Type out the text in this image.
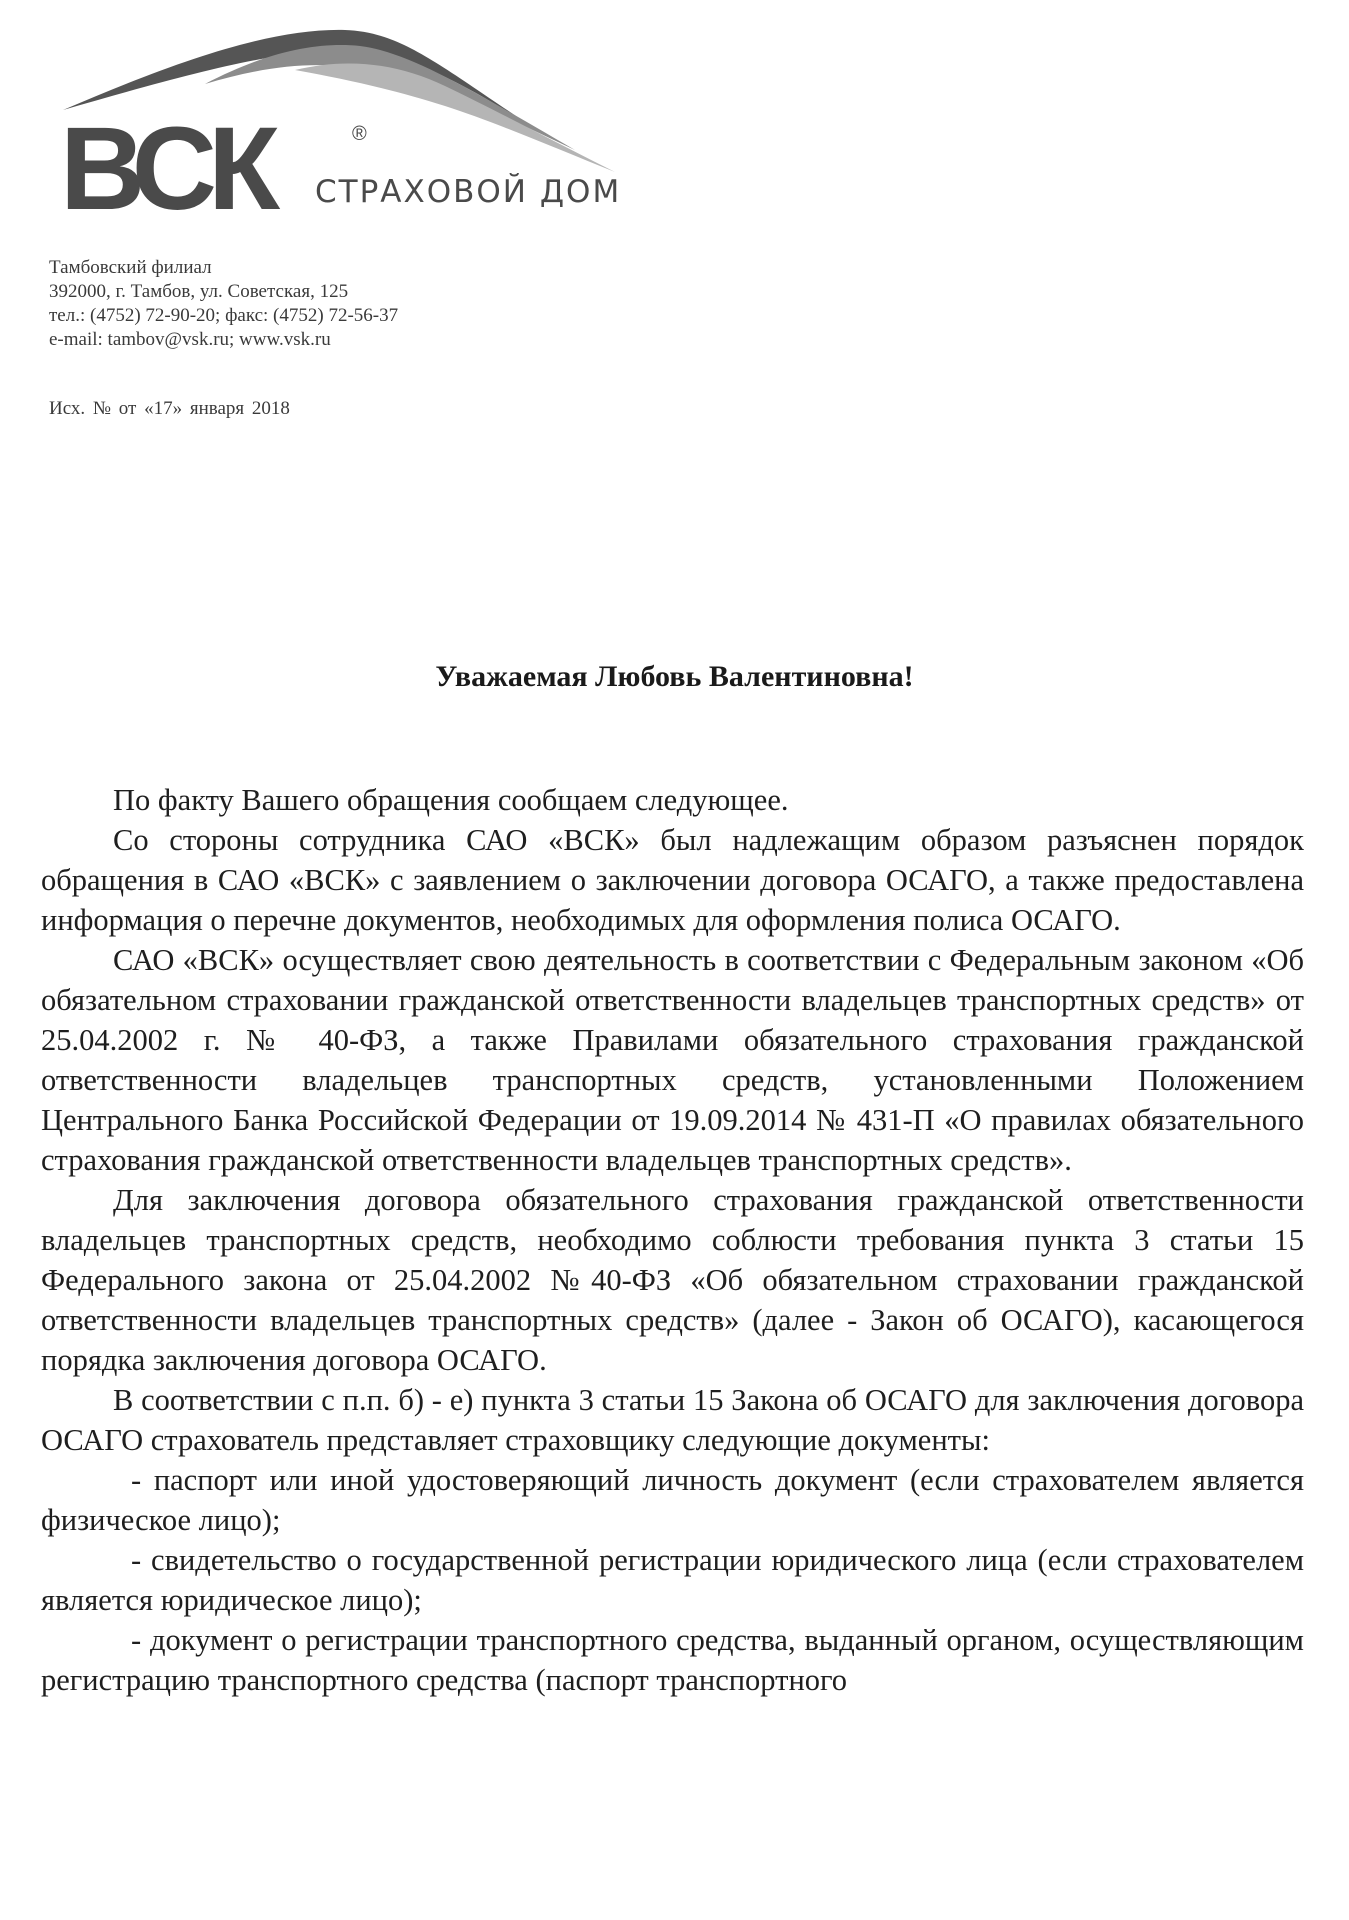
ВСК	®
СТРАХОВОЙ ДОМ
Тамбовский филиал
392000, г. Тамбов, ул. Советская, 125
тел.: (4752) 72-90-20; факс: (4752) 72-56-37
e-mail: tambov@vsk.ru; www.vsk.ru
Исх. № от «17» января 2018
Уважаемая Любовь Валентиновна!

По факту Вашего обращения сообщаем следующее.

Со стороны сотрудника САО «ВСК» был надлежащим образом разъяснен порядок обращения в САО «ВСК» с заявлением о заключении договора ОСАГО, а также предоставлена информация о перечне документов, необходимых для оформления полиса ОСАГО.

САО «ВСК» осуществляет свою деятельность в соответствии с Федеральным законом «Об обязательном страховании гражданской ответственности владельцев транспортных средств» от 25.04.2002 г. № 40-ФЗ, а также Правилами обязательного страхования гражданской ответственности владельцев транспортных средств, установленными Положением Центрального Банка Российской Федерации от 19.09.2014 № 431-П «О правилах обязательного страхования гражданской ответственности владельцев транспортных средств».

Для заключения договора обязательного страхования гражданской ответственности владельцев транспортных средств, необходимо соблюсти требования пункта 3 статьи 15 Федерального закона от 25.04.2002 №40-ФЗ «Об обязательном страховании гражданской ответственности владельцев транспортных средств» (далее - Закон об ОСАГО), касающегося порядка заключения договора ОСАГО.

В соответствии с п.п. б) - е) пункта 3 статьи 15 Закона об ОСАГО для заключения договора ОСАГО страхователь представляет страховщику следующие документы:

- паспорт или иной удостоверяющий личность документ (если страхователем является физическое лицо);

- свидетельство о государственной регистрации юридического лица (если страхователем является юридическое лицо);

- документ о регистрации транспортного средства, выданный органом, осуществляющим регистрацию транспортного средства (паспорт транспортного
